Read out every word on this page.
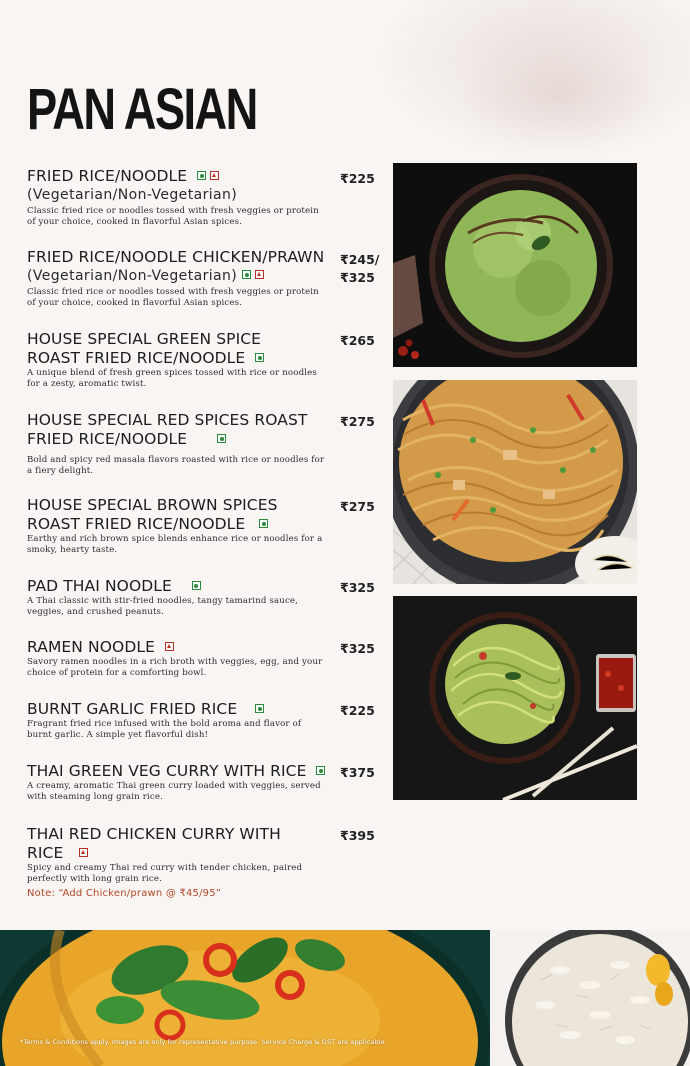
PAN ASIAN
FRIED RICE/NOODLE
(Vegetarian/Non-Vegetarian)
Classic fried rice or noodles tossed with fresh veggies or protein of your choice, cooked in flavorful Asian spices.
₹225
FRIED RICE/NOODLE CHICKEN/PRAWN
(Vegetarian/Non-Vegetarian)
Classic fried rice or noodles tossed with fresh veggies or protein of your choice, cooked in flavorful Asian spices.
₹245/
₹325
HOUSE SPECIAL GREEN SPICE
ROAST FRIED RICE/NOODLE
A unique blend of fresh green spices tossed with rice or noodles for a zesty, aromatic twist.
₹265
HOUSE SPECIAL RED SPICES ROAST
FRIED RICE/NOODLE
Bold and spicy red masala flavors roasted with rice or noodles for a fiery delight.
₹275
HOUSE SPECIAL BROWN SPICES
ROAST FRIED RICE/NOODLE
Earthy and rich brown spice blends enhance rice or noodles for a smoky, hearty taste.
₹275
PAD THAI NOODLE
A Thai classic with stir-fried noodles, tangy tamarind sauce, veggies, and crushed peanuts.
₹325
RAMEN NOODLE
Savory ramen noodles in a rich broth with veggies, egg, and your choice of protein for a comforting bowl.
₹325
BURNT GARLIC FRIED RICE
Fragrant fried rice infused with the bold aroma and flavor of burnt garlic. A simple yet flavorful dish!
₹225
THAI GREEN VEG CURRY WITH RICE
A creamy, aromatic Thai green curry loaded with veggies, served with steaming long grain rice.
₹375
THAI RED CHICKEN CURRY WITH
RICE
Spicy and creamy Thai red curry with tender chicken, paired perfectly with long grain rice.
₹395
Note: “Add Chicken/prawn @ ₹45/95”
*Terms & Conditions apply. Images are only for representative purpose. Service Charge & GST are applicable.	8
